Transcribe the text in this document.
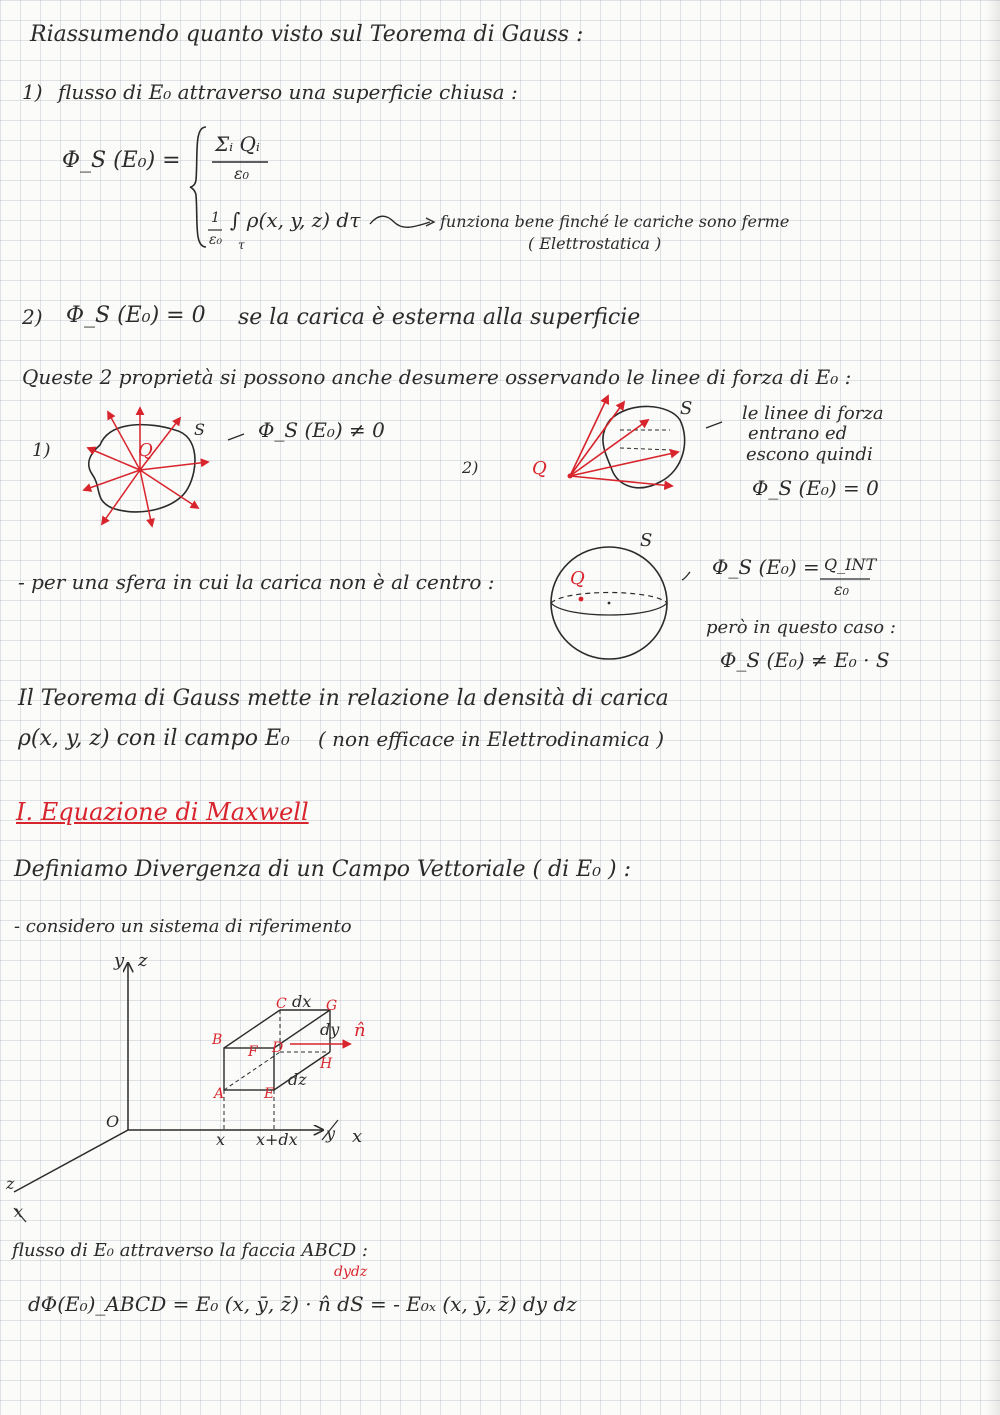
Riassumendo quanto visto sul Teorema di Gauss :
1) flusso di E₀ attraverso una superficie chiusa :
Φ_S (E₀) =
Σᵢ Qᵢ
ε₀
1
ε₀
∫ ρ(x, y, z) dτ
τ
funziona bene finché le cariche sono ferme
( Elettrostatica )
2) Φ_S (E₀) = 0 se la carica è esterna alla superficie
Queste 2 proprietà si possono anche desumere osservando le linee di forza di E₀ :
1)	Q
S	Φ_S (E₀) ≠ 0
2)	Q
S	le linee di forza
entrano ed
escono quindi
Φ_S (E₀) = 0
- per una sfera in cui la carica non è al centro :
S
Q	Φ_S (E₀) = Q_INT
ε₀
però in questo caso :
Φ_S (E₀) ≠ E₀ · S
Il Teorema di Gauss mette in relazione la densità di carica
ρ(x, y, z) con il campo E₀ ( non efficace in Elettrodinamica )
I. Equazione di Maxwell
Definiamo Divergenza di un Campo Vettoriale ( di E₀ ) :
- considero un sistema di riferimento
y z
O
y x
z
x
x x+dx
B
F
C	G
D
H
A	E
dx
dy
dz
n̂
flusso di E₀ attraverso la faccia ABCD :
dydz
dΦ(E₀)_ABCD = E₀ (x, ȳ, z̄) · n̂ dS = - E₀ₓ (x, ȳ, z̄) dy dz
